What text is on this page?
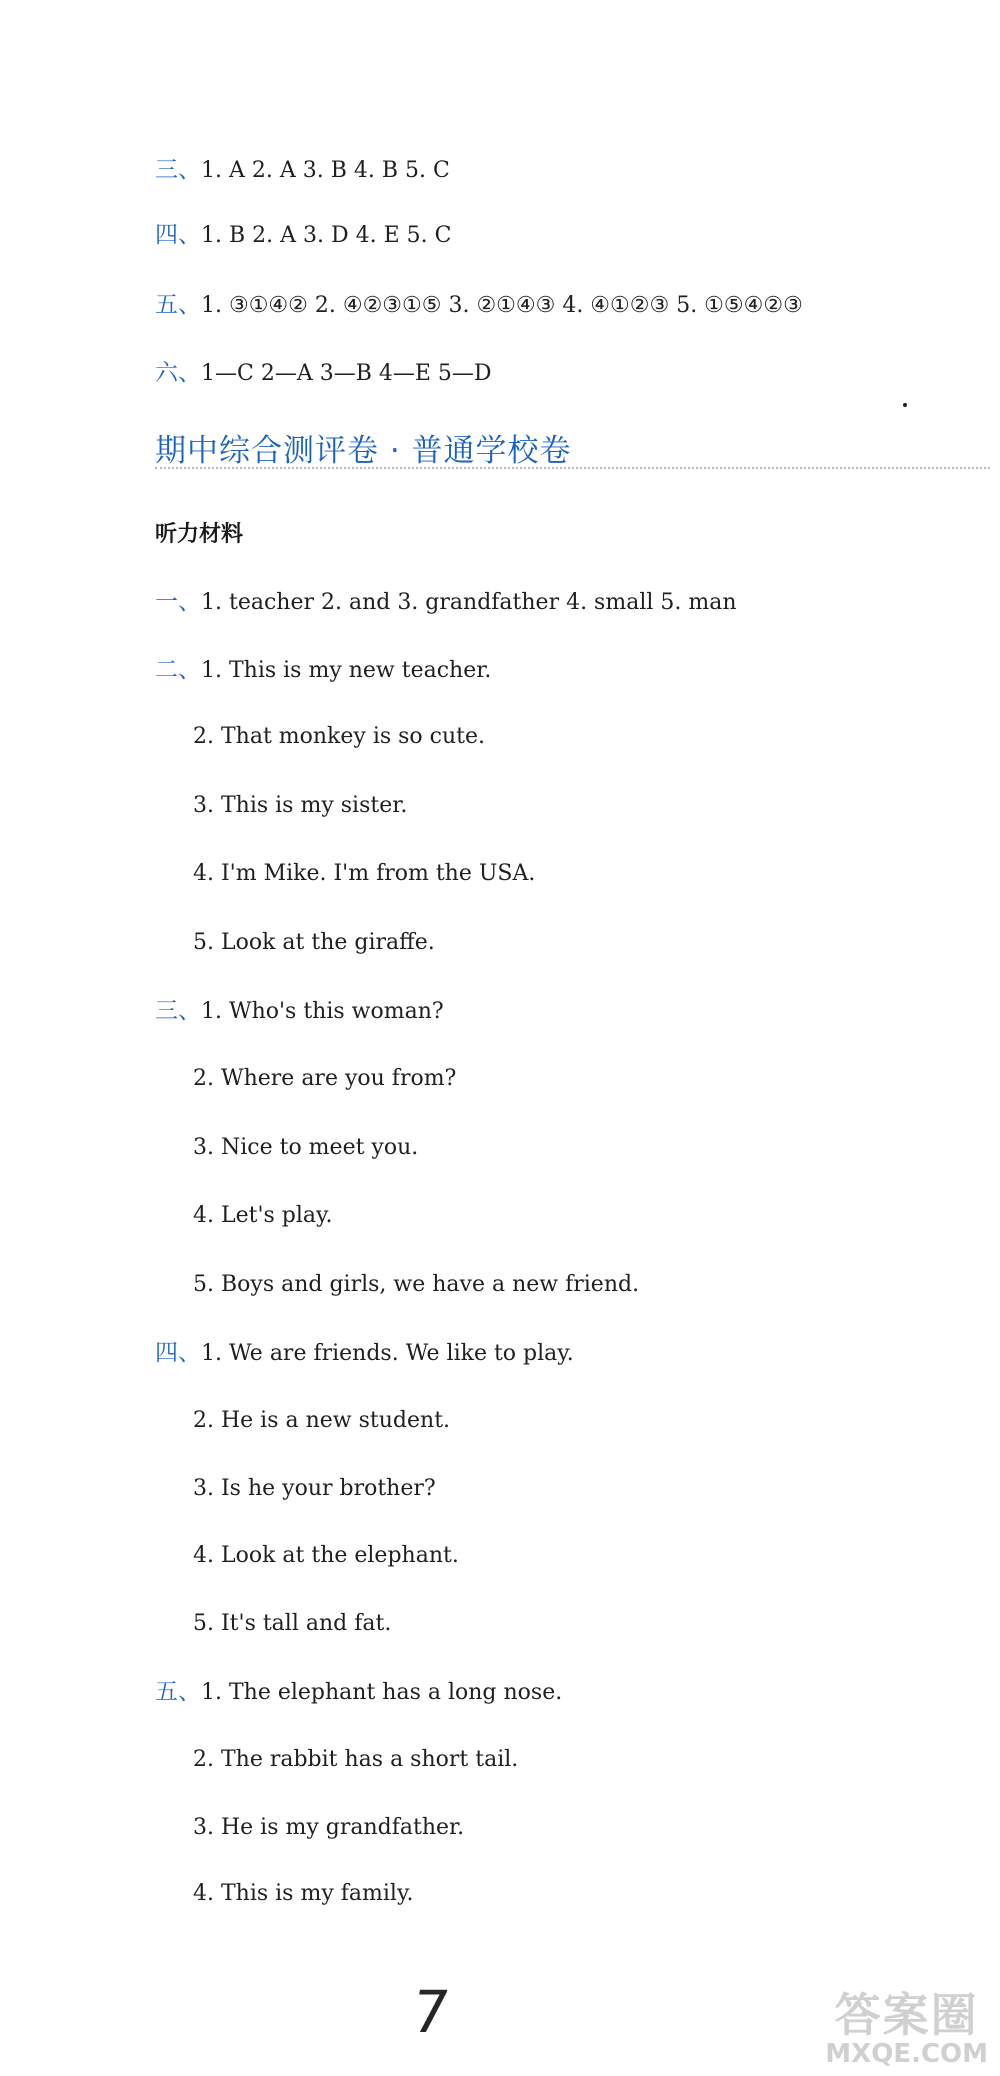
三、1. A 2. A 3. B 4. B 5. C
四、1. B 2. A 3. D 4. E 5. C
五、1. ③①④② 2. ④②③①⑤ 3. ②①④③ 4. ④①②③ 5. ①⑤④②③
六、1—C 2—A 3—B 4—E 5—D
期中综合测评卷 · 普通学校卷
听力材料
一、1. teacher 2. and 3. grandfather 4. small 5. man
二、1. This is my new teacher.
2. That monkey is so cute.
3. This is my sister.
4. I'm Mike. I'm from the USA.
5. Look at the giraffe.
三、1. Who's this woman?
2. Where are you from?
3. Nice to meet you.
4. Let's play.
5. Boys and girls, we have a new friend.
四、1. We are friends. We like to play.
2. He is a new student.
3. Is he your brother?
4. Look at the elephant.
5. It's tall and fat.
五、1. The elephant has a long nose.
2. The rabbit has a short tail.
3. He is my grandfather.
4. This is my family.
7	答案圈
MXQE.COM
